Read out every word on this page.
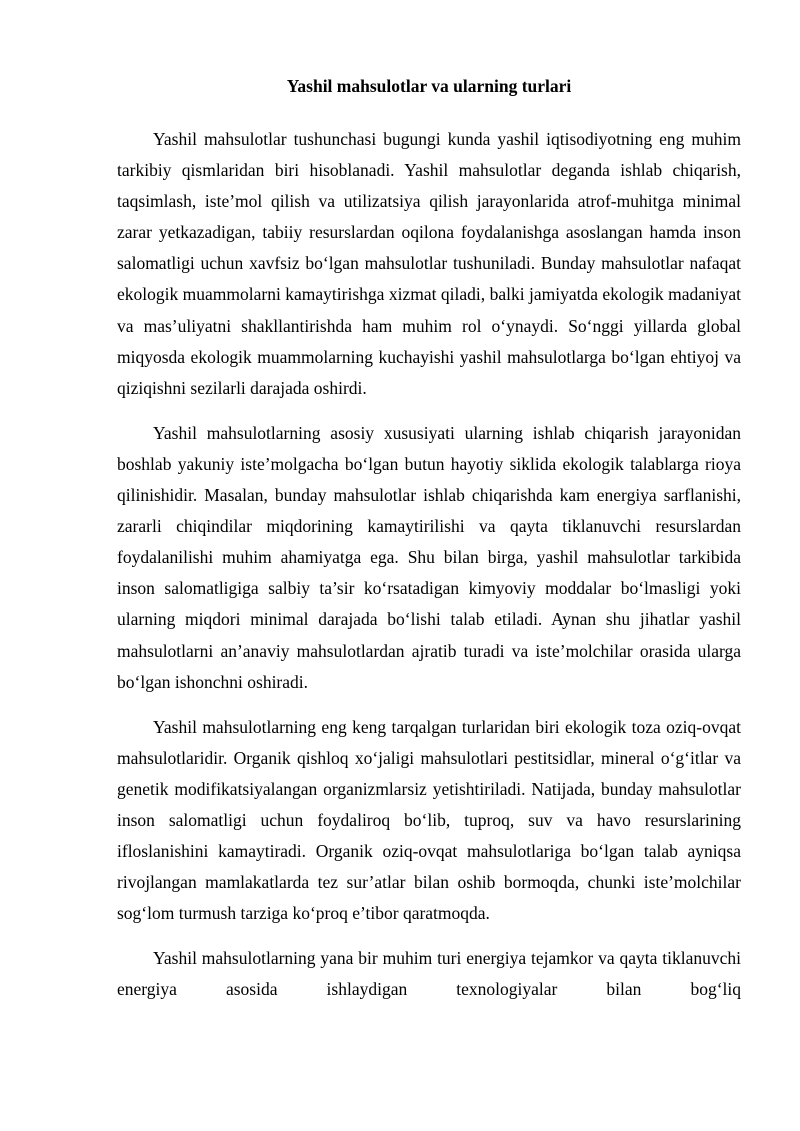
Yashil mahsulotlar va ularning turlari

Yashil mahsulotlar tushunchasi bugungi kunda yashil iqtisodiyotning eng muhim tarkibiy qismlaridan biri hisoblanadi. Yashil mahsulotlar deganda ishlab chiqarish, taqsimlash, iste’mol qilish va utilizatsiya qilish jarayonlarida atrof-muhitga minimal zarar yetkazadigan, tabiiy resurslardan oqilona foydalanishga asoslangan hamda inson salomatligi uchun xavfsiz bo‘lgan mahsulotlar tushuniladi. Bunday mahsulotlar nafaqat ekologik muammolarni kamaytirishga xizmat qiladi, balki jamiyatda ekologik madaniyat va mas’uliyatni shakllantirishda ham muhim rol o‘ynaydi. So‘nggi yillarda global miqyosda ekologik muammolarning kuchayishi yashil mahsulotlarga bo‘lgan ehtiyoj va qiziqishni sezilarli darajada oshirdi.

Yashil mahsulotlarning asosiy xususiyati ularning ishlab chiqarish jarayonidan boshlab yakuniy iste’molgacha bo‘lgan butun hayotiy siklida ekologik talablarga rioya qilinishidir. Masalan, bunday mahsulotlar ishlab chiqarishda kam energiya sarflanishi, zararli chiqindilar miqdorining kamaytirilishi va qayta tiklanuvchi resurslardan foydalanilishi muhim ahamiyatga ega. Shu bilan birga, yashil mahsulotlar tarkibida inson salomatligiga salbiy ta’sir ko‘rsatadigan kimyoviy moddalar bo‘lmasligi yoki ularning miqdori minimal darajada bo‘lishi talab etiladi. Aynan shu jihatlar yashil mahsulotlarni an’anaviy mahsulotlardan ajratib turadi va iste’molchilar orasida ularga bo‘lgan ishonchni oshiradi.

Yashil mahsulotlarning eng keng tarqalgan turlaridan biri ekologik toza oziq-ovqat mahsulotlaridir. Organik qishloq xo‘jaligi mahsulotlari pestitsidlar, mineral o‘g‘itlar va genetik modifikatsiyalangan organizmlarsiz yetishtiriladi. Natijada, bunday mahsulotlar inson salomatligi uchun foydaliroq bo‘lib, tuproq, suv va havo resurslarining ifloslanishini kamaytiradi. Organik oziq-ovqat mahsulotlariga bo‘lgan talab ayniqsa rivojlangan mamlakatlarda tez sur’atlar bilan oshib bormoqda, chunki iste’molchilar sog‘lom turmush tarziga ko‘proq e’tibor qaratmoqda.

Yashil mahsulotlarning yana bir muhim turi energiya tejamkor va qayta tiklanuvchi energiya asosida ishlaydigan texnologiyalar bilan bog‘liq
